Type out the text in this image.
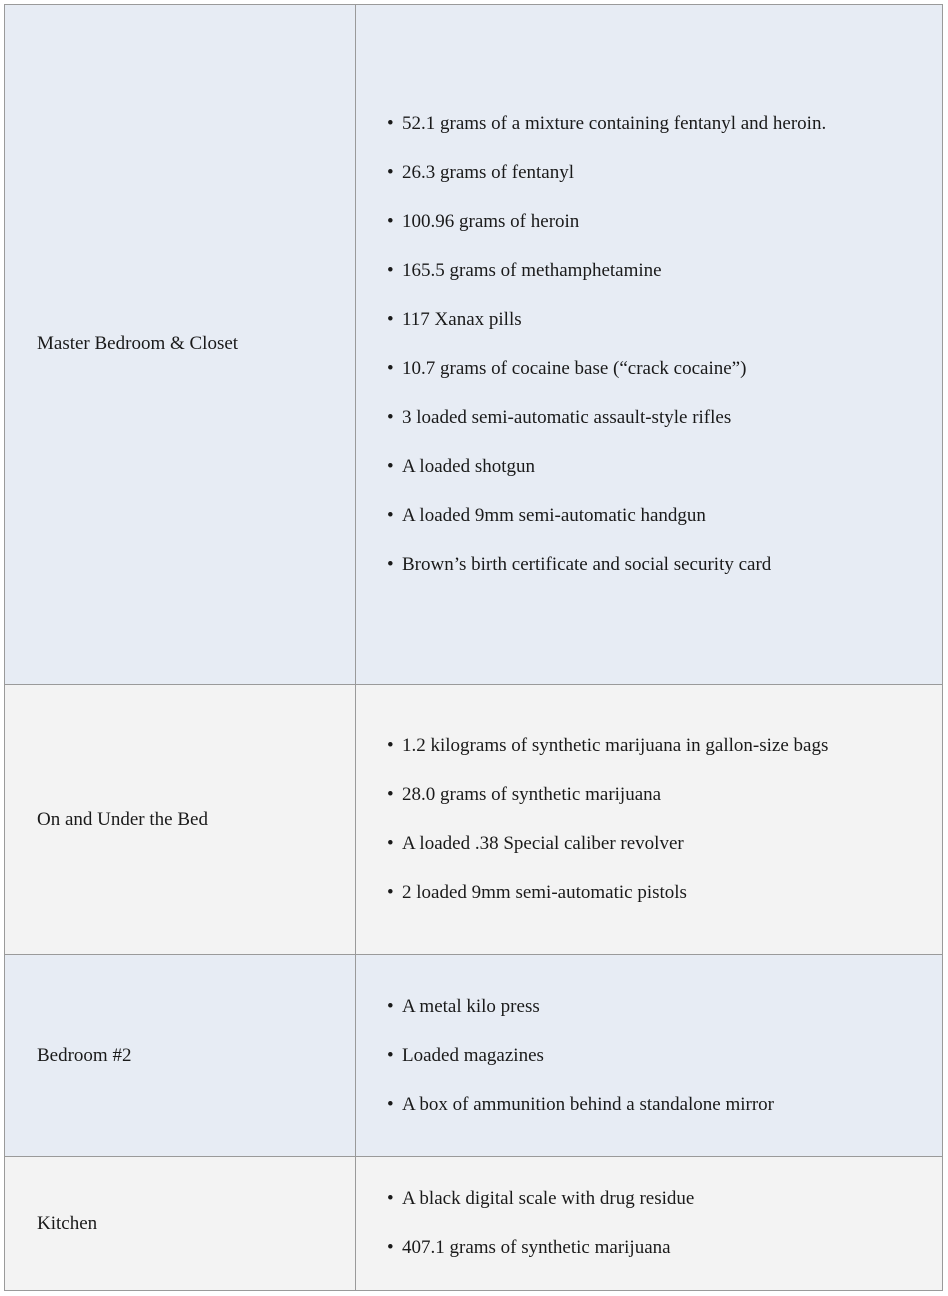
Master Bedroom & Closet	
• 52.1 grams of a mixture containing fentanyl and heroin.
• 26.3 grams of fentanyl
• 100.96 grams of heroin
• 165.5 grams of methamphetamine
• 117 Xanax pills
• 10.7 grams of cocaine base (“crack cocaine”)
• 3 loaded semi-automatic assault-style rifles
• A loaded shotgun
• A loaded 9mm semi-automatic handgun
• Brown’s birth certificate and social security card

On and Under the Bed	
• 1.2 kilograms of synthetic marijuana in gallon-size bags
• 28.0 grams of synthetic marijuana
• A loaded .38 Special caliber revolver
• 2 loaded 9mm semi-automatic pistols

Bedroom #2	
• A metal kilo press
• Loaded magazines
• A box of ammunition behind a standalone mirror

Kitchen	
• A black digital scale with drug residue
• 407.1 grams of synthetic marijuana
